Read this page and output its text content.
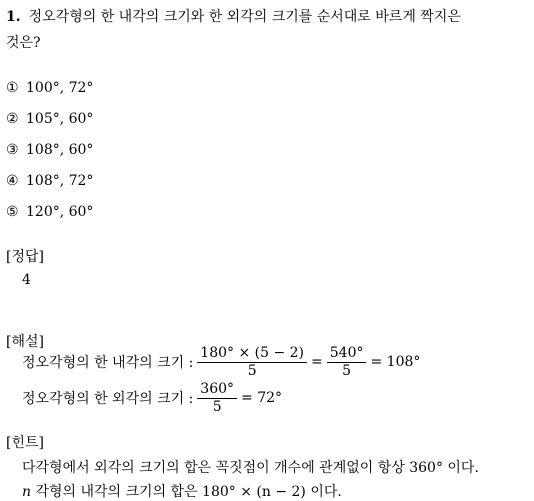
1. 정오각형의 한 내각의 크기와 한 외각의 크기를 순서대로 바르게 짝지은
것은?
① 100°, 72°
② 105°, 60°
③ 108°, 60°
④ 108°, 72°
⑤ 120°, 60°
[정답]
4
[해설]
정오각형의 한 내각의 크기 : $\frac{180^\circ \times (5 - 2)}{5} = \frac{540^\circ}{5} = 108^\circ$
정오각형의 한 외각의 크기 : $\frac{360^\circ}{5} = 72^\circ$
[힌트]
다각형에서 외각의 크기의 합은 꼭짓점이 개수에 관계없이 항상 360° 이다.
n 각형의 내각의 크기의 합은 180° × (n − 2) 이다.
